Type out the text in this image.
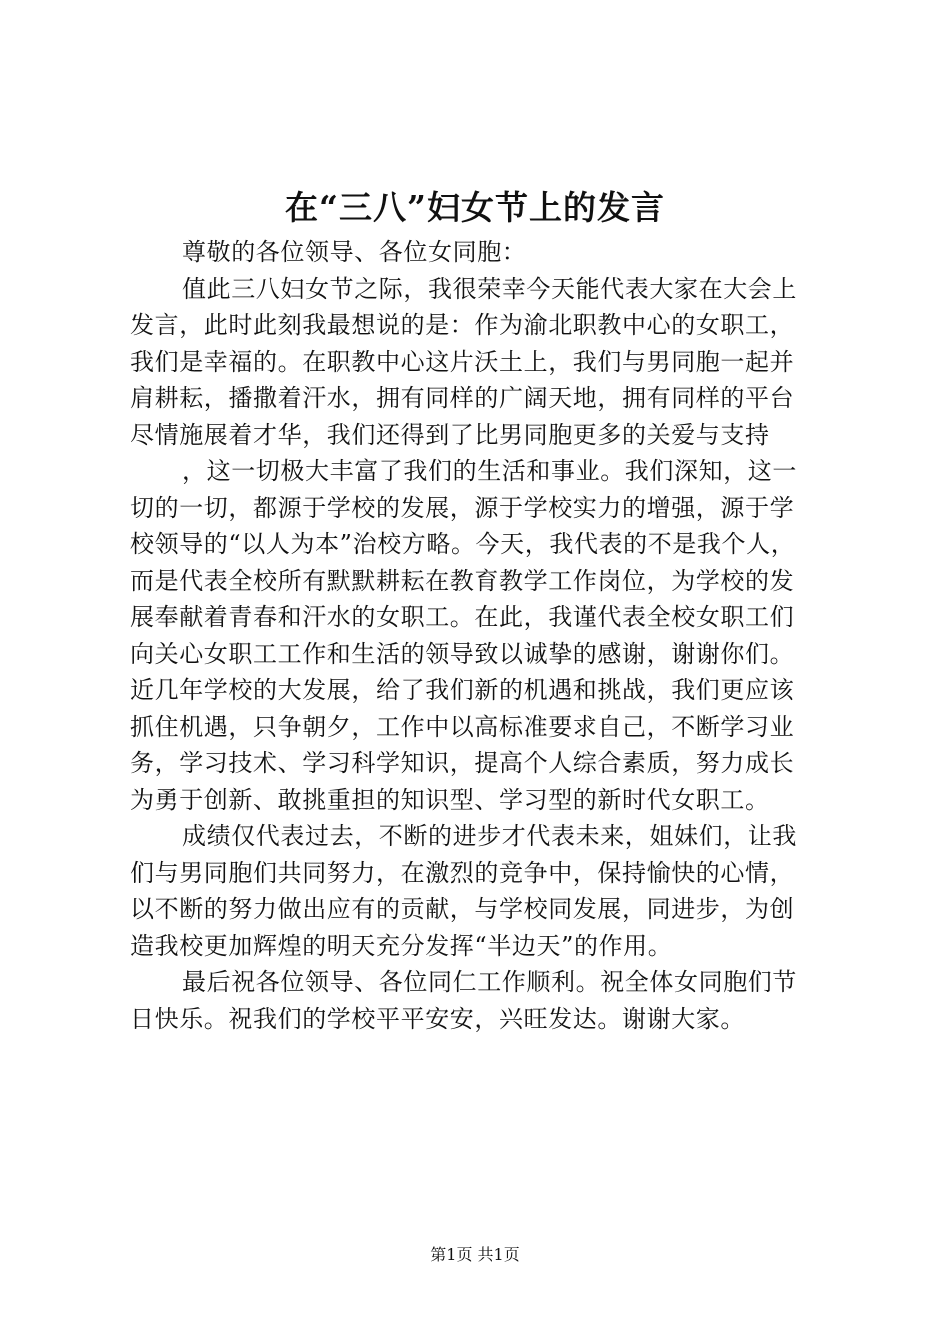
在“三八”妇女节上的发言
尊敬的各位领导、各位女同胞：
值此三八妇女节之际，我很荣幸今天能代表大家在大会上
发言，此时此刻我最想说的是：作为渝北职教中心的女职工，
我们是幸福的。在职教中心这片沃土上，我们与男同胞一起并
肩耕耘，播撒着汗水，拥有同样的广阔天地，拥有同样的平台
尽情施展着才华，我们还得到了比男同胞更多的关爱与支持
，这一切极大丰富了我们的生活和事业。我们深知，这一
切的一切，都源于学校的发展，源于学校实力的增强，源于学
校领导的“以人为本”治校方略。今天，我代表的不是我个人，
而是代表全校所有默默耕耘在教育教学工作岗位，为学校的发
展奉献着青春和汗水的女职工。在此，我谨代表全校女职工们
向关心女职工工作和生活的领导致以诚挚的感谢，谢谢你们。
近几年学校的大发展，给了我们新的机遇和挑战，我们更应该
抓住机遇，只争朝夕，工作中以高标准要求自己，不断学习业
务，学习技术、学习科学知识，提高个人综合素质，努力成长
为勇于创新、敢挑重担的知识型、学习型的新时代女职工。
成绩仅代表过去，不断的进步才代表未来，姐妹们，让我
们与男同胞们共同努力，在激烈的竞争中，保持愉快的心情，
以不断的努力做出应有的贡献，与学校同发展，同进步，为创
造我校更加辉煌的明天充分发挥“半边天”的作用。
最后祝各位领导、各位同仁工作顺利。祝全体女同胞们节
日快乐。祝我们的学校平平安安，兴旺发达。谢谢大家。
第1页 共1页
